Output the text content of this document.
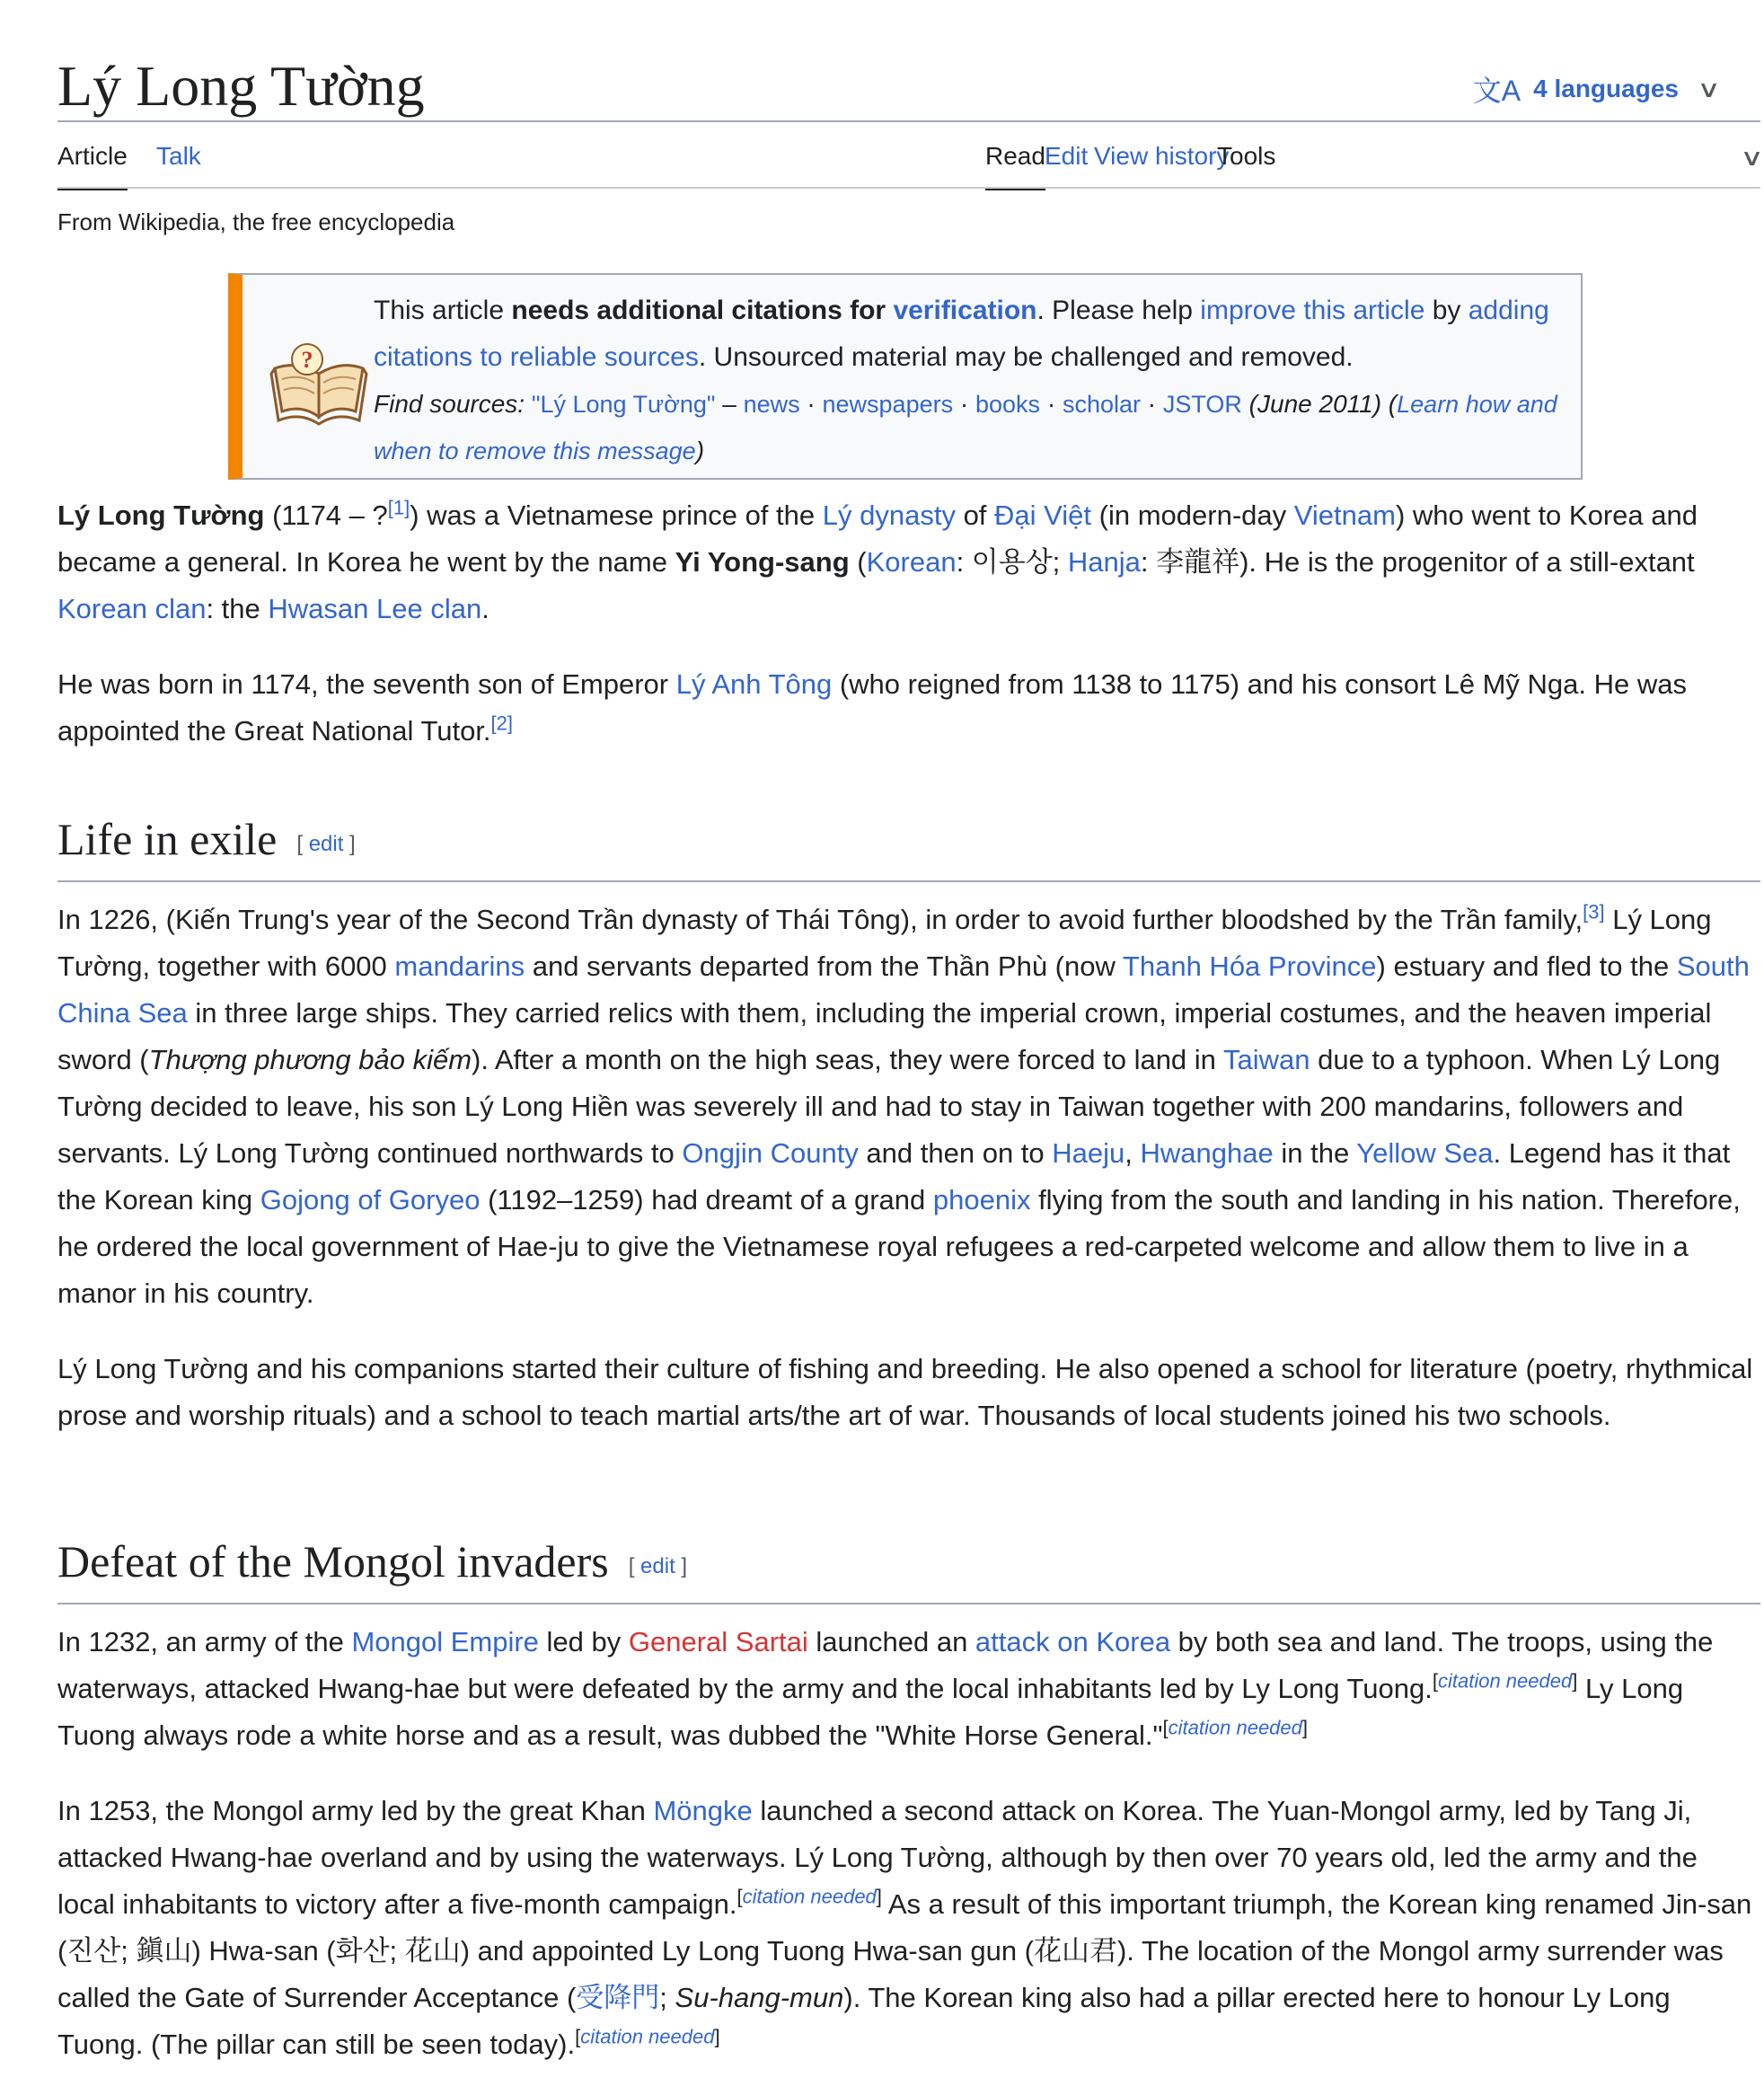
Lý Long Tường	文A 4 languages ∨
Article Talk	Read Edit View history
Tools	∨
From Wikipedia, the free encyclopedia
?
This article needs additional citations for verification. Please help improve this article by adding citations to reliable sources. Unsourced material may be challenged and removed.
Find sources: "Lý Long Tường" – news · newspapers · books · scholar · JSTOR (June 2011) (Learn how and when to remove this message)

Lý Long Tường (1174 – ?[1]) was a Vietnamese prince of the Lý dynasty of Đại Việt (in modern-day Vietnam) who went to Korea and became a general. In Korea he went by the name Yi Yong-sang (Korean: 이용상; Hanja: 李龍祥). He is the progenitor of a still-extant Korean clan: the Hwasan Lee clan.

He was born in 1174, the seventh son of Emperor Lý Anh Tông (who reigned from 1138 to 1175) and his consort Lê Mỹ Nga. He was appointed the Great National Tutor.[2]

Life in exile [ edit ]

In 1226, (Kiến Trung's year of the Second Trần dynasty of Thái Tông), in order to avoid further bloodshed by the Trần family,[3] Lý Long Tường, together with 6000 mandarins and servants departed from the Thần Phù (now Thanh Hóa Province) estuary and fled to the South China Sea in three large ships. They carried relics with them, including the imperial crown, imperial costumes, and the heaven imperial sword (Thượng phương bảo kiếm). After a month on the high seas, they were forced to land in Taiwan due to a typhoon. When Lý Long Tường decided to leave, his son Lý Long Hiền was severely ill and had to stay in Taiwan together with 200 mandarins, followers and servants. Lý Long Tường continued northwards to Ongjin County and then on to Haeju, Hwanghae in the Yellow Sea. Legend has it that the Korean king Gojong of Goryeo (1192–1259) had dreamt of a grand phoenix flying from the south and landing in his nation. Therefore, he ordered the local government of Hae-ju to give the Vietnamese royal refugees a red-carpeted welcome and allow them to live in a manor in his country.

Lý Long Tường and his companions started their culture of fishing and breeding. He also opened a school for literature (poetry, rhythmical prose and worship rituals) and a school to teach martial arts/the art of war. Thousands of local students joined his two schools.

Defeat of the Mongol invaders [ edit ]

In 1232, an army of the Mongol Empire led by General Sartai launched an attack on Korea by both sea and land. The troops, using the waterways, attacked Hwang-hae but were defeated by the army and the local inhabitants led by Ly Long Tuong.[citation needed] Ly Long Tuong always rode a white horse and as a result, was dubbed the "White Horse General."[citation needed]

In 1253, the Mongol army led by the great Khan Möngke launched a second attack on Korea. The Yuan-Mongol army, led by Tang Ji, attacked Hwang-hae overland and by using the waterways. Lý Long Tường, although by then over 70 years old, led the army and the local inhabitants to victory after a five-month campaign.[citation needed] As a result of this important triumph, the Korean king renamed Jin-san (진산; 鎭山) Hwa-san (화산; 花山) and appointed Ly Long Tuong Hwa-san gun (花山君). The location of the Mongol army surrender was called the Gate of Surrender Acceptance (受降門; Su-hang-mun). The Korean king also had a pillar erected here to honour Ly Long Tuong. (The pillar can still be seen today).[citation needed]
